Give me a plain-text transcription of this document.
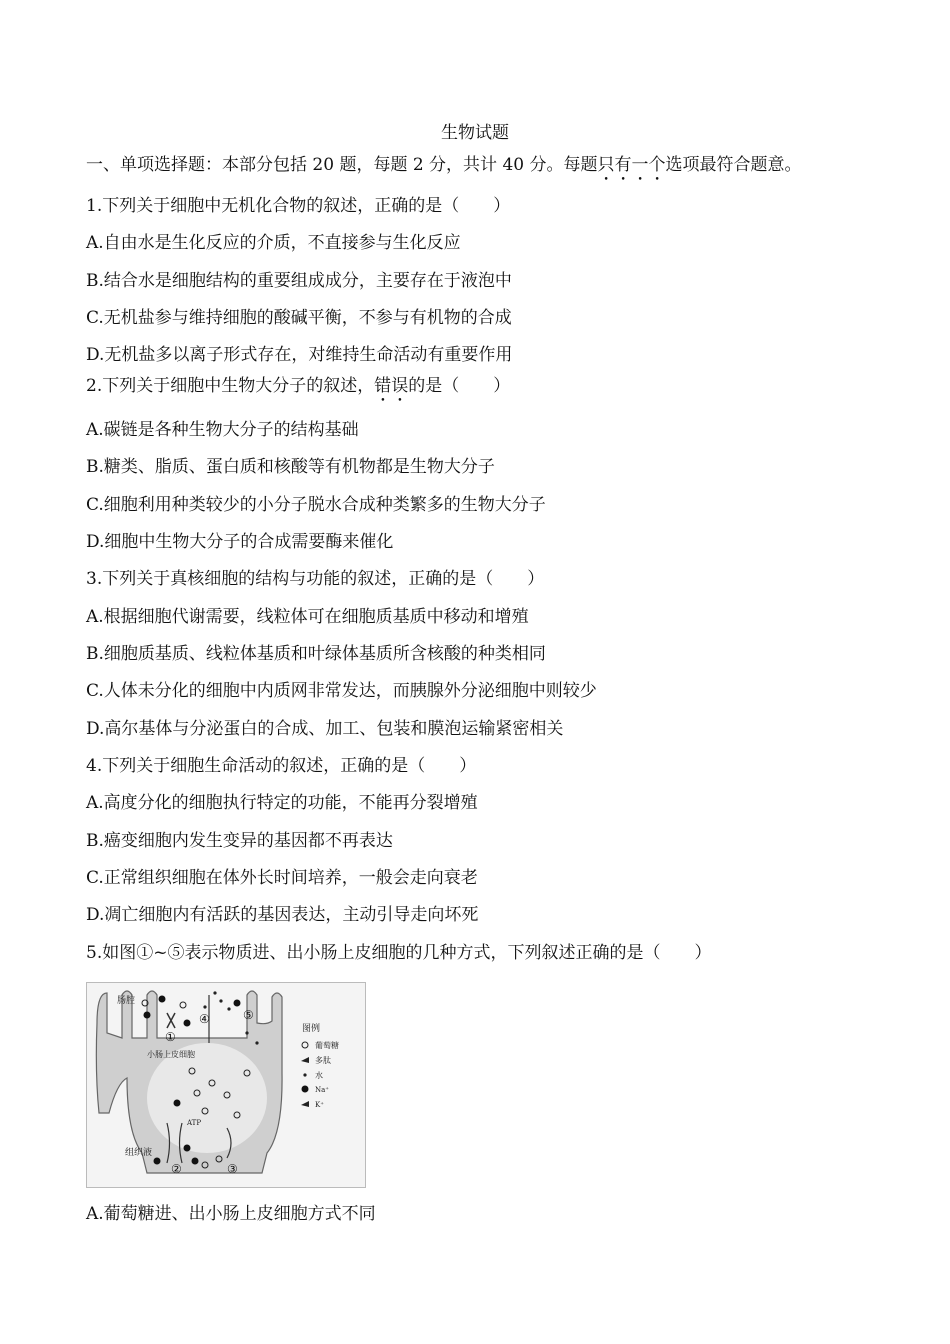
生物试题
一、单项选择题：本部分包括 20 题，每题 2 分，共计 40 分。每题只有一个选项最符合题意。
1.下列关于细胞中无机化合物的叙述，正确的是（　　）
A.自由水是生化反应的介质，不直接参与生化反应
B.结合水是细胞结构的重要组成成分，主要存在于液泡中
C.无机盐参与维持细胞的酸碱平衡，不参与有机物的合成
D.无机盐多以离子形式存在，对维持生命活动有重要作用
2.下列关于细胞中生物大分子的叙述，错误的是（　　）
A.碳链是各种生物大分子的结构基础
B.糖类、脂质、蛋白质和核酸等有机物都是生物大分子
C.细胞利用种类较少的小分子脱水合成种类繁多的生物大分子
D.细胞中生物大分子的合成需要酶来催化
3.下列关于真核细胞的结构与功能的叙述，正确的是（　　）
A.根据细胞代谢需要，线粒体可在细胞质基质中移动和增殖
B.细胞质基质、线粒体基质和叶绿体基质所含核酸的种类相同
C.人体未分化的细胞中内质网非常发达，而胰腺外分泌细胞中则较少
D.高尔基体与分泌蛋白的合成、加工、包装和膜泡运输紧密相关
4.下列关于细胞生命活动的叙述，正确的是（　　）
A.高度分化的细胞执行特定的功能，不能再分裂增殖
B.癌变细胞内发生变异的基因都不再表达
C.正常组织细胞在体外长时间培养，一般会走向衰老
D.凋亡细胞内有活跃的基因表达，主动引导走向坏死
5.如图①~⑤表示物质进、出小肠上皮细胞的几种方式，下列叙述正确的是（　　）
肠腔
小肠上皮细胞
组织液
ATP
①
②	③
④	⑤
图例
葡萄糖
多肽
水
Na⁺
K⁺
A.葡萄糖进、出小肠上皮细胞方式不同
